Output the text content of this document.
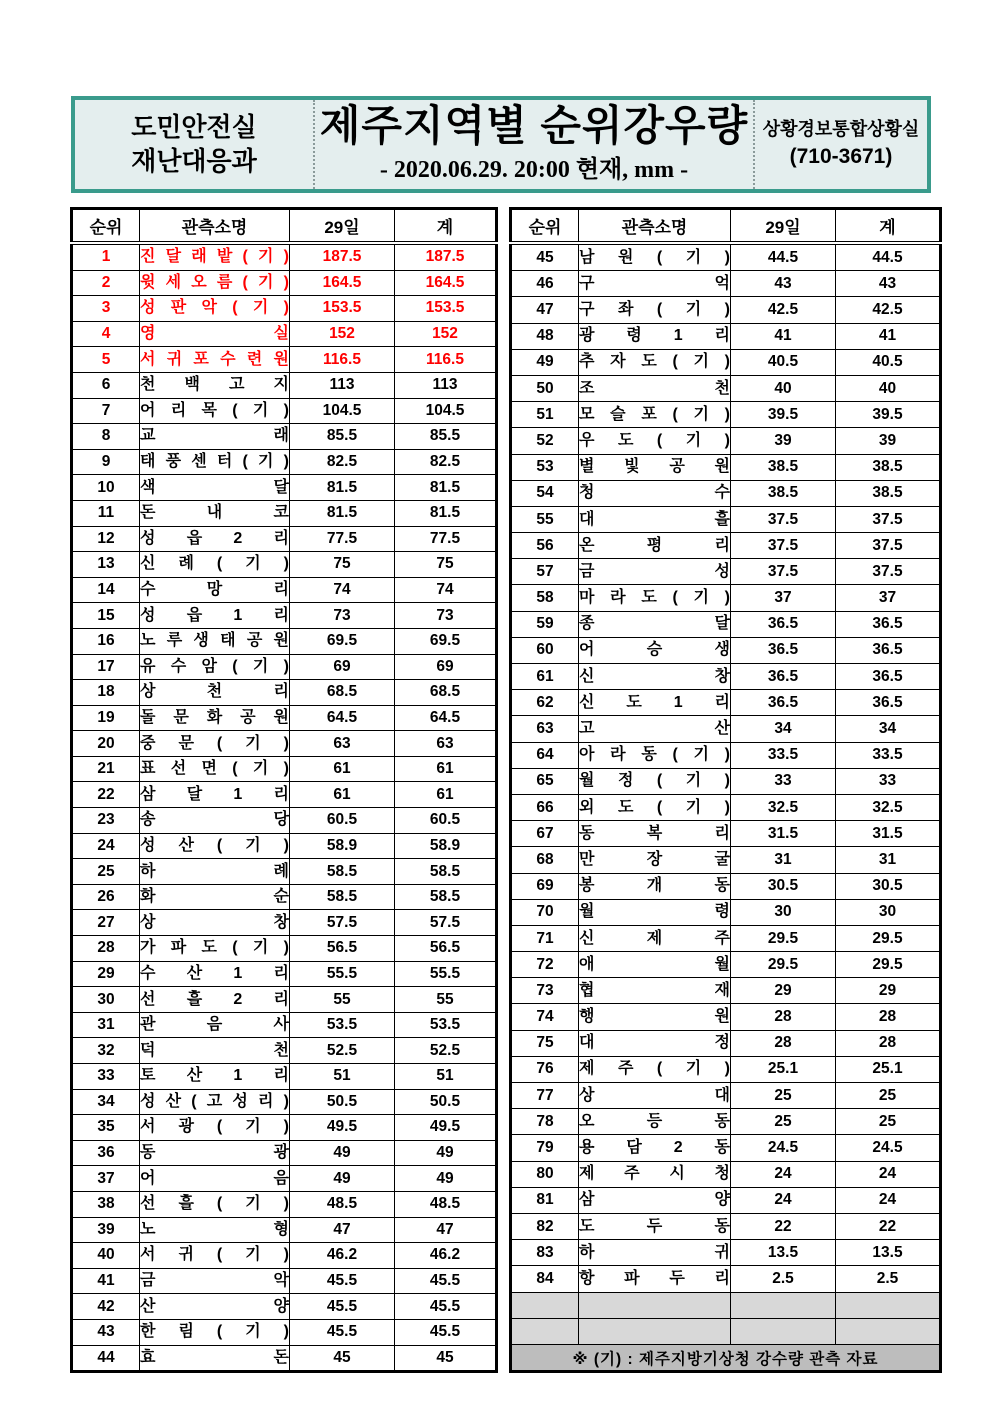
도민안전실
재난대응과
제주지역별 순위강우량
- 2020.06.29. 20:00 현재, mm -
상황경보통합상황실
(710-3671)
순위	관측소명	29일	계
1	진 달 래 밭 ( 기 )	187.5	187.5
2	윗 세 오 름 ( 기 )	164.5	164.5
3	성 판 악 ( 기 )	153.5	153.5
4	영 실	152	152
5	서 귀 포 수 련 원	116.5	116.5
6	천 백 고 지	113	113
7	어 리 목 ( 기 )	104.5	104.5
8	교 래	85.5	85.5
9	태 풍 센 터 ( 기 )	82.5	82.5
10	색 달	81.5	81.5
11	돈 내 코	81.5	81.5
12	성 읍 2 리	77.5	77.5
13	신 례 ( 기 )	75	75
14	수 망 리	74	74
15	성 읍 1 리	73	73
16	노 루 생 태 공 원	69.5	69.5
17	유 수 암 ( 기 )	69	69
18	상 천 리	68.5	68.5
19	돌 문 화 공 원	64.5	64.5
20	중 문 ( 기 )	63	63
21	표 선 면 ( 기 )	61	61
22	삼 달 1 리	61	61
23	송 당	60.5	60.5
24	성 산 ( 기 )	58.9	58.9
25	하 례	58.5	58.5
26	화 순	58.5	58.5
27	상 창	57.5	57.5
28	가 파 도 ( 기 )	56.5	56.5
29	수 산 1 리	55.5	55.5
30	선 흘 2 리	55	55
31	관 음 사	53.5	53.5
32	덕 천	52.5	52.5
33	토 산 1 리	51	51
34	성 산 ( 고 성 리 )	50.5	50.5
35	서 광 ( 기 )	49.5	49.5
36	동 광	49	49
37	어 음	49	49
38	선 흘 ( 기 )	48.5	48.5
39	노 형	47	47
40	서 귀 ( 기 )	46.2	46.2
41	금 악	45.5	45.5
42	산 양	45.5	45.5
43	한 림 ( 기 )	45.5	45.5
44	효 돈	45	45
순위	관측소명	29일	계
45	남 원 ( 기 )	44.5	44.5
46	구 억	43	43
47	구 좌 ( 기 )	42.5	42.5
48	광 령 1 리	41	41
49	추 자 도 ( 기 )	40.5	40.5
50	조 천	40	40
51	모 슬 포 ( 기 )	39.5	39.5
52	우 도 ( 기 )	39	39
53	별 빛 공 원	38.5	38.5
54	청 수	38.5	38.5
55	대 흘	37.5	37.5
56	온 평 리	37.5	37.5
57	금 성	37.5	37.5
58	마 라 도 ( 기 )	37	37
59	종 달	36.5	36.5
60	어 승 생	36.5	36.5
61	신 창	36.5	36.5
62	신 도 1 리	36.5	36.5
63	고 산	34	34
64	아 라 동 ( 기 )	33.5	33.5
65	월 정 ( 기 )	33	33
66	외 도 ( 기 )	32.5	32.5
67	동 복 리	31.5	31.5
68	만 장 굴	31	31
69	봉 개 동	30.5	30.5
70	월 령	30	30
71	신 제 주	29.5	29.5
72	애 월	29.5	29.5
73	협 재	29	29
74	행 원	28	28
75	대 정	28	28
76	제 주 ( 기 )	25.1	25.1
77	상 대	25	25
78	오 등 동	25	25
79	용 담 2 동	24.5	24.5
80	제 주 시 청	24	24
81	삼 양	24	24
82	도 두 동	22	22
83	하 귀	13.5	13.5
84	항 파 두 리	2.5	2.5

※ (기) : 제주지방기상청 강수량 관측 자료			
